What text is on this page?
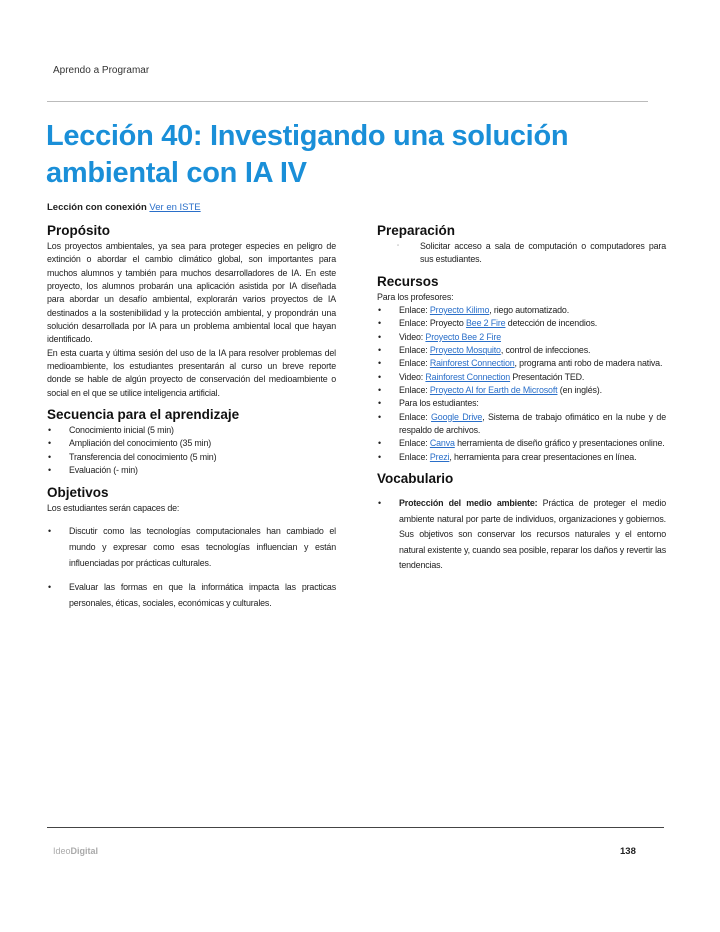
Aprendo a Programar
Lección 40: Investigando una solución ambiental con IA IV
Lección con conexión Ver en ISTE
Propósito

Los proyectos ambientales, ya sea para proteger especies en peligro de extinción o abordar el cambio climático global, son importantes para muchos alumnos y también para muchos desarrolladores de IA. En este proyecto, los alumnos probarán una aplicación asistida por IA diseñada para abordar un desafío ambiental, explorarán varios proyectos de IA destinados a la sostenibilidad y la protección ambiental, y propondrán una solución desarrollada por IA para un problema ambiental local que hayan identificado.

En esta cuarta y última sesión del uso de la IA para resolver problemas del medioambiente, los estudiantes presentarán al curso un breve reporte donde se hable de algún proyecto de conservación del medioambiente o social en el que se utilice inteligencia artificial.

Secuencia para el aprendizaje
• Conocimiento inicial (5 min)
• Ampliación del conocimiento (35 min)
• Transferencia del conocimiento (5 min)
• Evaluación (- min)
Objetivos

Los estudiantes serán capaces de:

• Discutir como las tecnologías computacionales han cambiado el mundo y expresar como esas tecnologías influencian y están influenciadas por prácticas culturales.
• Evaluar las formas en que la informática impacta las practicas personales, éticas, sociales, económicas y culturales.
Preparación
▫ Solicitar acceso a sala de computación o computadores para sus estudiantes.
Recursos

Para los profesores:

• Enlace: Proyecto Kilimo, riego automatizado.
• Enlace: Proyecto Bee 2 Fire detección de incendios.
• Video: Proyecto Bee 2 Fire
• Enlace: Proyecto Mosquito, control de infecciones.
• Enlace: Rainforest Connection, programa anti robo de madera nativa.
• Video: Rainforest Connection Presentación TED.
• Enlace: Proyecto AI for Earth de Microsoft (en inglés).
• Para los estudiantes:
• Enlace: Google Drive, Sistema de trabajo ofimático en la nube y de respaldo de archivos.
• Enlace: Canva herramienta de diseño gráfico y presentaciones online.
• Enlace: Prezi, herramienta para crear presentaciones en línea.
Vocabulario
• Protección del medio ambiente: Práctica de proteger el medio ambiente natural por parte de individuos, organizaciones y gobiernos. Sus objetivos son conservar los recursos naturales y el entorno natural existente y, cuando sea posible, reparar los daños y revertir las tendencias.
IdeoDigital	138
